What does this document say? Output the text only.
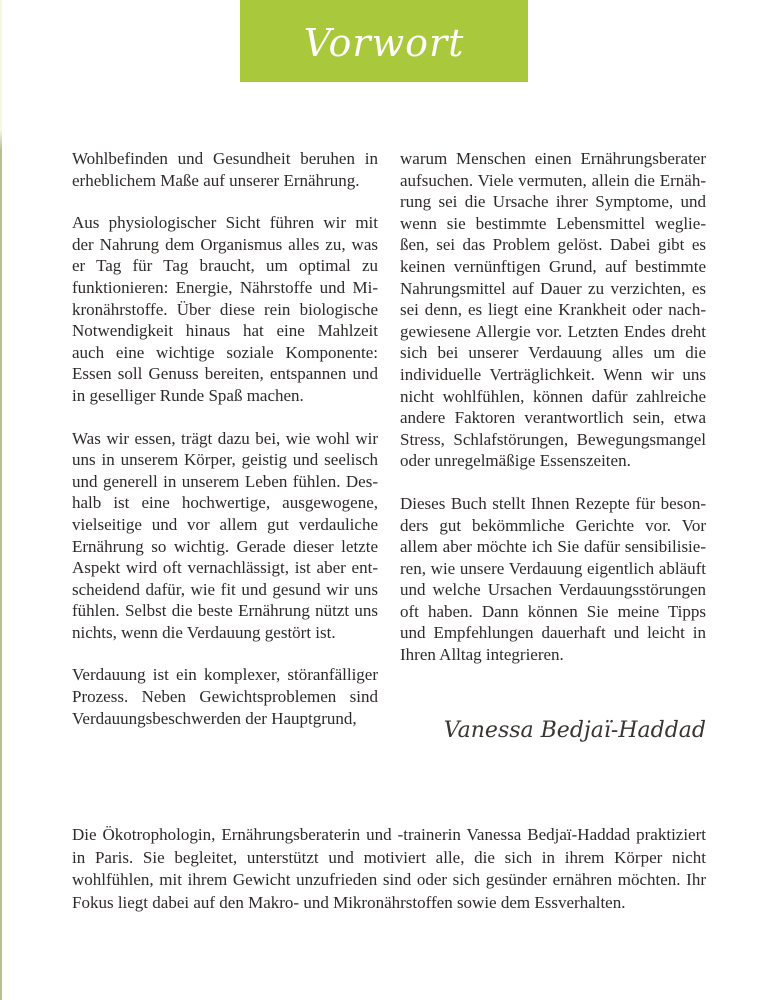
Vorwort

Wohlbefinden und Gesundheit beruhen in erheblichem Maße auf unserer Ernährung.

Aus physiologischer Sicht führen wir mit der Nahrung dem Organismus alles zu, was er Tag für Tag braucht, um optimal zu funktionieren: Energie, Nährstoffe und Mikronährstoffe. Über diese rein biologische Notwendigkeit hinaus hat eine Mahlzeit auch eine wichtige soziale Komponente: Essen soll Genuss bereiten, entspannen und in geselliger Runde Spaß machen.

Was wir essen, trägt dazu bei, wie wohl wir uns in unserem Körper, geistig und seelisch und generell in unserem Leben fühlen. Deshalb ist eine hochwertige, ausgewogene, vielseitige und vor allem gut verdauliche Ernährung so wichtig. Gerade dieser letzte Aspekt wird oft vernachlässigt, ist aber entscheidend dafür, wie fit und gesund wir uns fühlen. Selbst die beste Ernährung nützt uns nichts, wenn die Verdauung gestört ist.

Verdauung ist ein komplexer, störanfälliger Prozess. Neben Gewichtsproblemen sind Verdauungsbeschwerden der Hauptgrund,

warum Menschen einen Ernährungsberater aufsuchen. Viele vermuten, allein die Ernährung sei die Ursache ihrer Symptome, und wenn sie bestimmte Lebensmittel wegließen, sei das Problem gelöst. Dabei gibt es keinen vernünftigen Grund, auf bestimmte Nahrungsmittel auf Dauer zu verzichten, es sei denn, es liegt eine Krankheit oder nachgewiesene Allergie vor. Letzten Endes dreht sich bei unserer Verdauung alles um die individuelle Verträglichkeit. Wenn wir uns nicht wohlfühlen, können dafür zahlreiche andere Faktoren verantwortlich sein, etwa Stress, Schlafstörungen, Bewegungsmangel oder unregelmäßige Essenszeiten.

Dieses Buch stellt Ihnen Rezepte für besonders gut bekömmliche Gerichte vor. Vor allem aber möchte ich Sie dafür sensibilisieren, wie unsere Verdauung eigentlich abläuft und welche Ursachen Verdauungsstörungen oft haben. Dann können Sie meine Tipps und Empfehlungen dauerhaft und leicht in Ihren Alltag integrieren.

Vanessa Bedjaï-Haddad

Die Ökotrophologin, Ernährungsberaterin und -trainerin Vanessa Bedjaï-Haddad praktiziert in Paris. Sie begleitet, unterstützt und motiviert alle, die sich in ihrem Körper nicht wohlfühlen, mit ihrem Gewicht unzufrieden sind oder sich gesünder ernähren möchten. Ihr Fokus liegt dabei auf den Makro- und Mikronährstoffen sowie dem Essverhalten.
